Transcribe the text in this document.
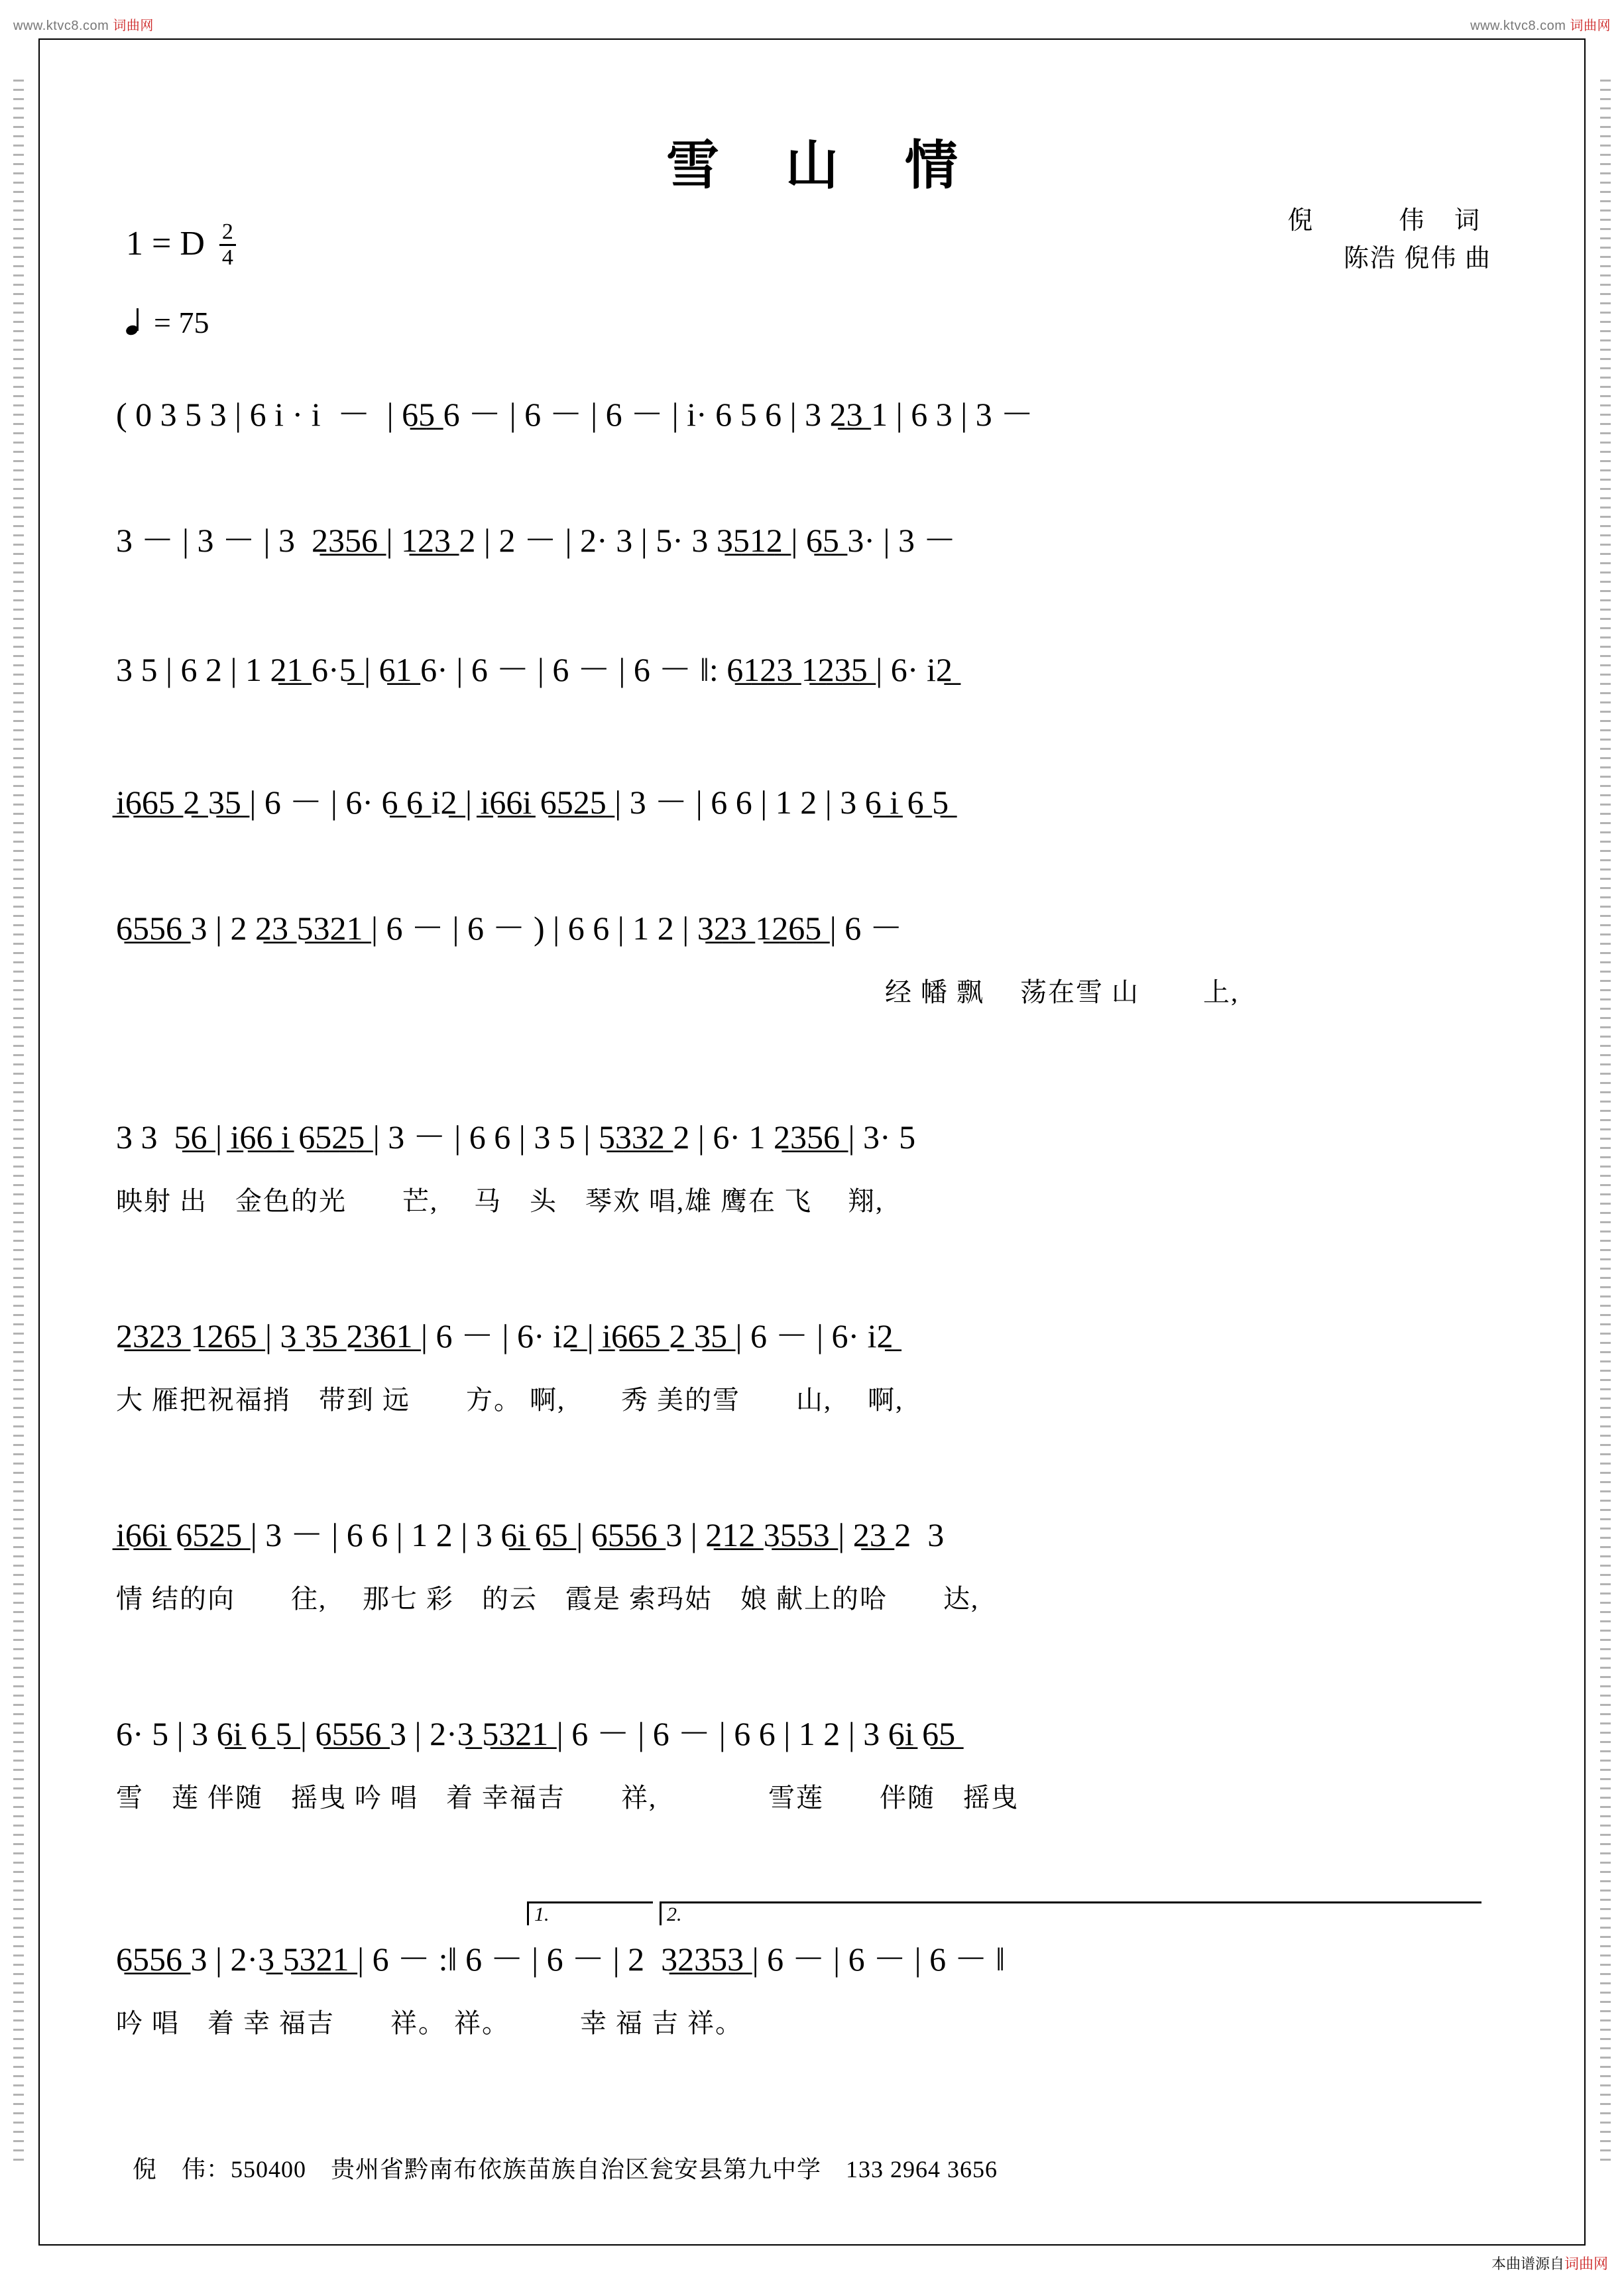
www.ktvc8.com 词曲网	www.ktvc8.com 词曲网
本曲谱源自词曲网
雪 山 情
倪　　伟 词
陈浩 倪伟 曲
1 = D $\frac{2}{4}$
= 75
( 0 3 5 3 | 6 i · i  －  | 6̲5̲ 6 － | 6 － | 6 － | i· 6 5 6 | 3 2̲3̲ 1 | 6 3 | 3 －
3 － | 3 － | 3  2̲3̲5̲6̲ | 1̲2̲3̲ 2 | 2 － | 2· 3 | 5· 3 3̲5̲1̲2̲ | 6̲5̲ 3· | 3 －
3 5 | 6 2 | 1 2̲1̲ 6·5̲ | 6̲1̲ 6· | 6 － | 6 － | 6 － ‖: 6̲1̲2̲3̲ 1̲2̲3̲5̲ | 6· i2̲
i̲6̲6̲5̲ 2̲ 3̲5̲ | 6 － | 6· 6̲ 6̲ i2̲ | i̲6̲6̲i̲ 6̲5̲2̲5̲ | 3 － | 6 6 | 1 2 | 3 6̲ i̲ 6̲ 5̲
6̲5̲5̲6̲ 3 | 2 2̲3̲ 5̲3̲2̲1̲ | 6 － | 6 － ) | 6 6 | 1 2 | 3̲2̲3̲ 1̲2̲6̲5̲ | 6 －
经 幡 飘　 荡在雪 山　　 上,
3 3  5̲6̲ | i̲6̲6̲ i̲ 6̲5̲2̲5̲ | 3 － | 6 6 | 3 5 | 5̲3̲3̲2̲ 2 | 6· 1 2̲3̲5̲6̲ | 3· 5
映射 出　金色的光　　芒,　 马　头　琴欢 唱,雄 鹰在 飞　 翔,
2̲3̲2̲3̲ 1̲2̲6̲5̲ | 3̲ 3̲5̲ 2̲3̲6̲1̲ | 6 － | 6· i2̲ | i̲6̲6̲5̲ 2̲ 3̲5̲ | 6 － | 6· i2̲
大 雁把祝福捎　带到 远　　方。 啊,　　秀 美的雪　　山,　 啊,
i̲6̲6̲i̲ 6̲5̲2̲5̲ | 3 － | 6 6 | 1 2 | 3 6̲i̲ 6̲5̲ | 6̲5̲5̲6̲ 3 | 2̲1̲2̲ 3̲5̲5̲3̲ | 2̲3̲ 2  3
情 结的向　　往,　 那七 彩　的云　霞是 索玛姑　娘 献上的哈　　达,
6· 5 | 3 6̲i̲ 6̲ 5̲ | 6̲5̲5̲6̲ 3 | 2·3̲ 5̲3̲2̲1̲ | 6 － | 6 － | 6 6 | 1 2 | 3 6̲i̲ 6̲5̲
雪　莲 伴随　摇曳 吟 唱　着 幸福吉　　祥,　　　　雪莲　　伴随　摇曳
1.	2.
6̲5̲5̲6̲ 3 | 2·3̲ 5̲3̲2̲1̲ | 6 － :‖ 6 － | 6 － | 2  3̲2̲3̲5̲3̲ | 6 － | 6 － | 6 － ‖
吟 唱　着 幸 福吉　　祥。 祥。　　　幸 福 吉 祥。
倪　伟：550400　贵州省黔南布依族苗族自治区瓮安县第九中学　133 2964 3656
